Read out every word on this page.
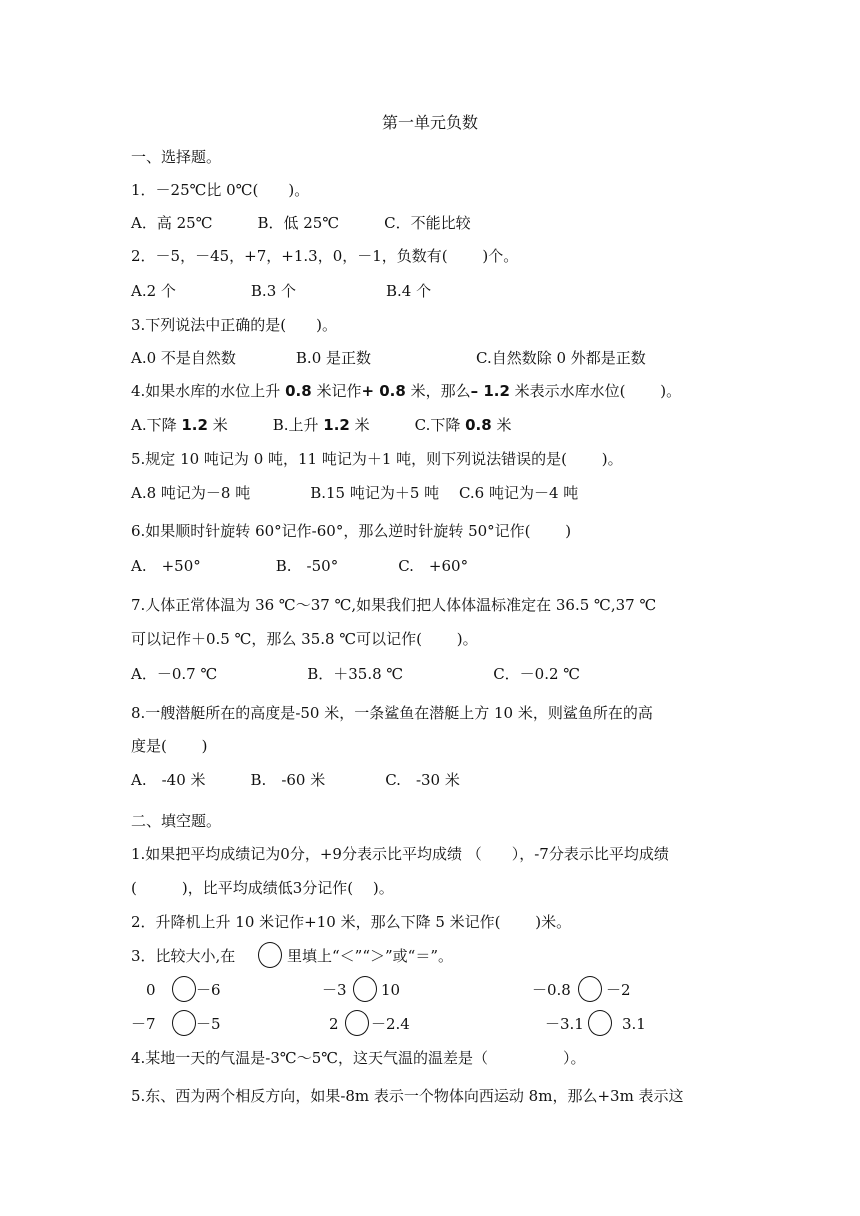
第一单元负数
一、选择题。
1．－25℃比 0℃(　　)。
A．高 25℃　　　B．低 25℃　　　C．不能比较
2．－5，－45，+7，+1.3，0，－1，负数有(　　 )个。
A.2 个　　　　　B.3 个　　　　　　B.4 个
3.下列说法中正确的是(　　)。
A.0 不是自然数　　　　B.0 是正数　　　　　　　C.自然数除 0 外都是正数
4.如果水库的水位上升 0.8 米记作+ 0.8 米，那么– 1.2 米表示水库水位(　　 )。
A.下降 1.2 米　　　B.上升 1.2 米　　　C.下降 0.8 米
5.规定 10 吨记为 0 吨，11 吨记为＋1 吨，则下列说法错误的是(　　 )。
A.8 吨记为－8 吨　　　　B.15 吨记为＋5 吨　 C.6 吨记为－4 吨
6.如果顺时针旋转 60°记作-60°，那么逆时针旋转 50°记作(　　 )
A.　+50°　　　　　B.　-50°　　　　C.　+60°
7.人体正常体温为 36 ℃～37 ℃,如果我们把人体体温标准定在 36.5 ℃,37 ℃
可以记作＋0.5 ℃，那么 35.8 ℃可以记作(　　 )。
A．－0.7 ℃　　　　　　B．＋35.8 ℃　　　　　　C．－0.2 ℃
8.一艘潜艇所在的高度是-50 米，一条鲨鱼在潜艇上方 10 米，则鲨鱼所在的高
度是(　　 )
A.　-40 米　　　B.　-60 米　　　　C.　-30 米
二、填空题。
1.如果把平均成绩记为0分，+9分表示比平均成绩 （　　），-7分表示比平均成绩
(　　　)，比平均成绩低3分记作(　 )。
2．升降机上升 10 米记作+10 米，那么下降 5 米记作(　　 )米。
3．比较大小,在	里填上“＜”“＞”或“＝”。
0	－6	－3 10	－0.8 －2
－7	－5	2 －2.4	－3.1	3.1
4.某地一天的气温是-3℃～5℃，这天气温的温差是（　　　　　）。
5.东、西为两个相反方向，如果-8m 表示一个物体向西运动 8m，那么+3m 表示这
